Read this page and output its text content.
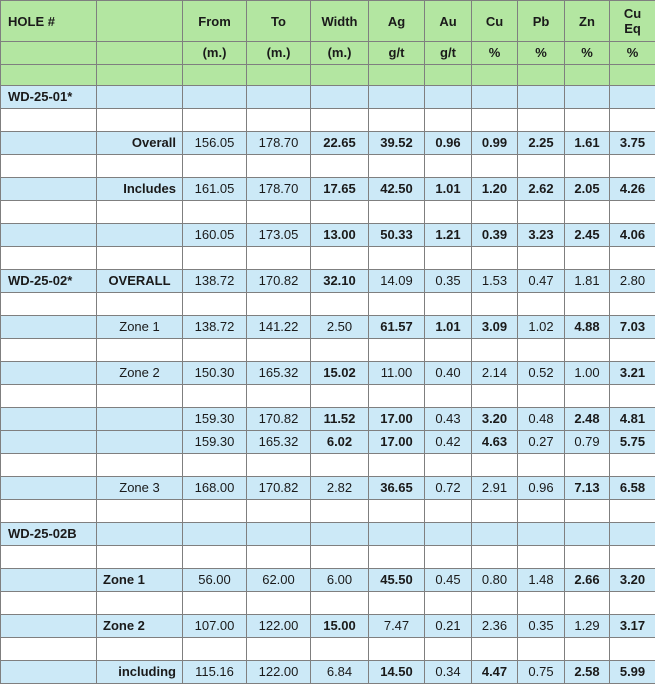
HOLE #		From	To	Width	Ag	Au	Cu	Pb	Zn	Cu Eq
		(m.)	(m.)	(m.)	g/t	g/t	%	%	%	%

WD-25-01*										

	Overall	156.05	178.70	22.65	39.52	0.96	0.99	2.25	1.61	3.75

	Includes	161.05	178.70	17.65	42.50	1.01	1.20	2.62	2.05	4.26

		160.05	173.05	13.00	50.33	1.21	0.39	3.23	2.45	4.06

WD-25-02*	OVERALL	138.72	170.82	32.10	14.09	0.35	1.53	0.47	1.81	2.80

	Zone 1	138.72	141.22	2.50	61.57	1.01	3.09	1.02	4.88	7.03

	Zone 2	150.30	165.32	15.02	11.00	0.40	2.14	0.52	1.00	3.21

		159.30	170.82	11.52	17.00	0.43	3.20	0.48	2.48	4.81
		159.30	165.32	6.02	17.00	0.42	4.63	0.27	0.79	5.75

	Zone 3	168.00	170.82	2.82	36.65	0.72	2.91	0.96	7.13	6.58

WD-25-02B										

	Zone 1	56.00	62.00	6.00	45.50	0.45	0.80	1.48	2.66	3.20

	Zone 2	107.00	122.00	15.00	7.47	0.21	2.36	0.35	1.29	3.17

	including	115.16	122.00	6.84	14.50	0.34	4.47	0.75	2.58	5.99
